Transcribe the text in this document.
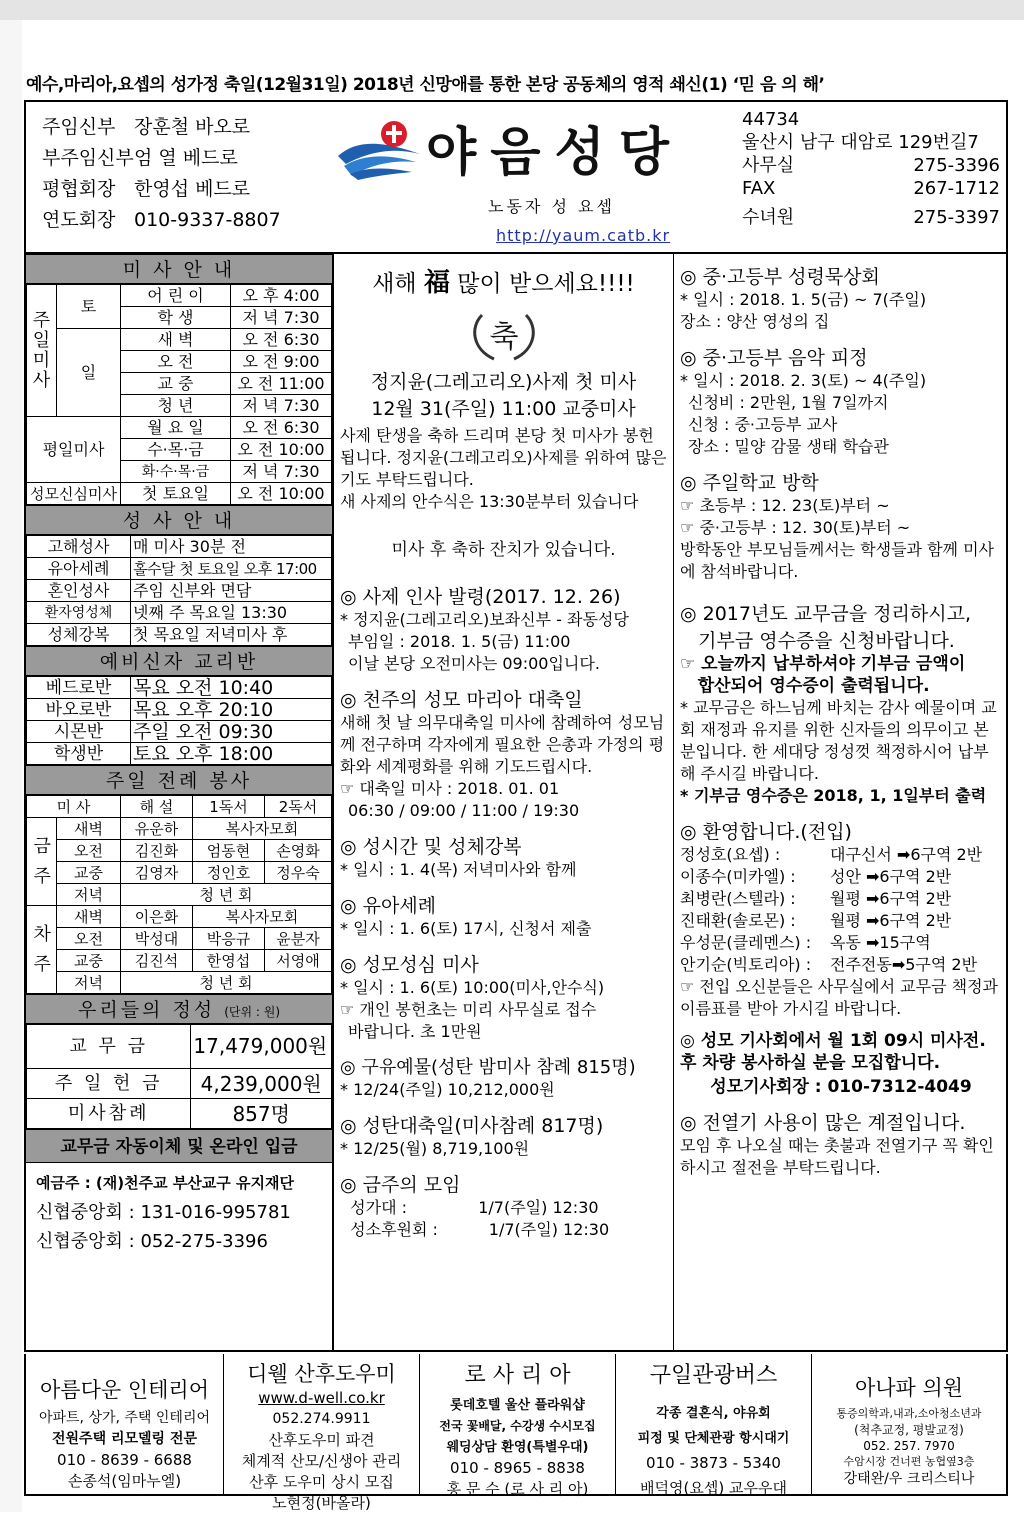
예수,마리아,요셉의 성가정 축일(12월31일) 2018년 신망애를 통한 본당 공동체의 영적 쇄신(1) ‘믿 음 의 해’
주임신부 장훈철 바오로
부주임신부 엄 열 베드로
평협회장 한영섭 베드로
연도회장 010-9337-8807
야음성당
노동자 성 요셉
http://yaum.catb.kr
44734
울산시 남구 대암로 129번길7
사무실	275-3396
FAX	267-1712
수녀원	275-3397
미 사 안 내
주일미사	토	어 린 이	오 후 4:00
		학 생	저 녁 7:30
	일	새 벽	오 전 6:30
		오 전	오 전 9:00
		교 중	오 전 11:00
		청 년	저 녁 7:30
평일미사		월 요 일	오 전 6:30
		수·목·금	오 전 10:00
		화·수·목·금	저 녁 7:30
성모신심미사		첫 토요일	오 전 10:00
성 사 안 내
고해성사	매 미사 30분 전
유아세례	홀수달 첫 토요일 오후 17:00
혼인성사	주임 신부와 면담
환자영성체	넷째 주 목요일 13:30
성체강복	첫 목요일 저녁미사 후
예비신자 교리반
베드로반	목요 오전 10:40
바오로반	목요 오후 20:10
시몬반	주일 오전 09:30
학생반	토요 오후 18:00
주일 전례 봉사
미 사		해 설	1독서	2독서
금주	새벽	유운하	복사자모회	
	오전	김진화	엄동현	손영화
	교중	김영자	정인호	정우숙
	저녁	청 년 회		
차주	새벽	이은화	복사자모회	
	오전	박성대	박응규	윤분자
	교중	김진석	한영섭	서영애
	저녁	청 년 회		
우리들의 정성 (단위 : 원)
교 무 금	17,479,000원
주 일 헌 금	4,239,000원
미사참례	857명
교무금 자동이체 및 온라인 입금
예금주 : (재)천주교 부산교구 유지재단
신협중앙회 : 131-016-995781
신협중앙회 : 052-275-3396
새해 福 많이 받으세요!!!!
축
정지윤(그레고리오)사제 첫 미사
12월 31(주일) 11:00 교중미사
사제 탄생을 축하 드리며 본당 첫 미사가 봉헌됩니다. 정지윤(그레고리오)사제를 위하여 많은 기도 부탁드립니다.
새 사제의 안수식은 13:30분부터 있습니다
미사 후 축하 잔치가 있습니다.
◎ 사제 인사 발령(2017. 12. 26)
* 정지윤(그레고리오)보좌신부 - 좌동성당
부임일 : 2018. 1. 5(금) 11:00
이날 본당 오전미사는 09:00입니다.
◎ 천주의 성모 마리아 대축일
새해 첫 날 의무대축일 미사에 참례하여 성모님께 전구하며 각자에게 필요한 은총과 가정의 평화와 세계평화를 위해 기도드립시다.
☞ 대축일 미사 : 2018. 01. 01
06:30 / 09:00 / 11:00 / 19:30
◎ 성시간 및 성체강복
* 일시 : 1. 4(목) 저녁미사와 함께
◎ 유아세례
* 일시 : 1. 6(토) 17시, 신청서 제출
◎ 성모성심 미사
* 일시 : 1. 6(토) 10:00(미사,안수식)
☞ 개인 봉헌초는 미리 사무실로 접수
바랍니다. 초 1만원
◎ 구유예물(성탄 밤미사 참례 815명)
* 12/24(주일) 10,212,000원
◎ 성탄대축일(미사참례 817명)
* 12/25(월) 8,719,100원
◎ 금주의 모임
성가대 :              1/7(주일) 12:30
성소후원회 :          1/7(주일) 12:30
◎ 중·고등부 성령묵상회
* 일시 : 2018. 1. 5(금) ~ 7(주일)
장소 : 양산 영성의 집
◎ 중·고등부 음악 피정
* 일시 : 2018. 2. 3(토) ~ 4(주일)
신청비 : 2만원, 1월 7일까지
신청 : 중·고등부 교사
장소 : 밀양 감물 생태 학습관
◎ 주일학교 방학
☞ 초등부 : 12. 23(토)부터 ~
☞ 중·고등부 : 12. 30(토)부터 ~
방학동안 부모님들께서는 학생들과 함께 미사에 참석바랍니다.
◎ 2017년도 교무금을 정리하시고,
기부금 영수증을 신청바랍니다.
☞ 오늘까지 납부하셔야 기부금 금액이
합산되어 영수증이 출력됩니다.
* 교무금은 하느님께 바치는 감사 예물이며 교회 재정과 유지를 위한 신자들의 의무이고 본분입니다. 한 세대당 정성껏 책정하시어 납부해 주시길 바랍니다.
* 기부금 영수증은 2018, 1, 1일부터 출력
◎ 환영합니다.(전입)
정성호(요셉) :	대구신서 ➡6구역 2반
이종수(미카엘) :	성안 ➡6구역 2반
최병란(스텔라) :	월평 ➡6구역 2반
진태환(솔로몬) :	월평 ➡6구역 2반
우성문(클레멘스) :	옥동 ➡15구역
안기순(빅토리아) :	전주전동➡5구역 2반
☞ 전입 오신분들은 사무실에서 교무금 책정과 이름표를 받아 가시길 바랍니다.
◎ 성모 기사회에서 월 1회 09시 미사전. 후 차량 봉사하실 분을 모집합니다.
성모기사회장 : 010-7312-4049
◎ 전열기 사용이 많은 계절입니다.
모임 후 나오실 때는 촛불과 전열기구 꼭 확인 하시고 절전을 부탁드립니다.
아름다운 인테리어
아파트, 상가, 주택 인테리어
전원주택 리모델링 전문
010 - 8639 - 6688
손종석(임마누엘)
디웰 산후도우미
www.d-well.co.kr
052.274.9911
산후도우미 파견
체계적 산모/신생아 관리
산후 도우미 상시 모집
노현정(바올라)
로 사 리 아
롯데호텔 울산 플라워샵
전국 꽃배달, 수강생 수시모집
웨딩상담 환영(특별우대)
010 - 8965 - 8838
홍 문 수 (로 사 리 아)
구일관광버스
각종 결혼식, 야유회
피정 및 단체관광 항시대기
010 - 3873 - 5340
배덕영(요셉) 교우우대
아나파 의원
통증의학과,내과,소아청소년과
(척추교정, 평발교정)
052. 257. 7970
수암시장 건너편 농협옆3층
강태완/우 크리스티나
